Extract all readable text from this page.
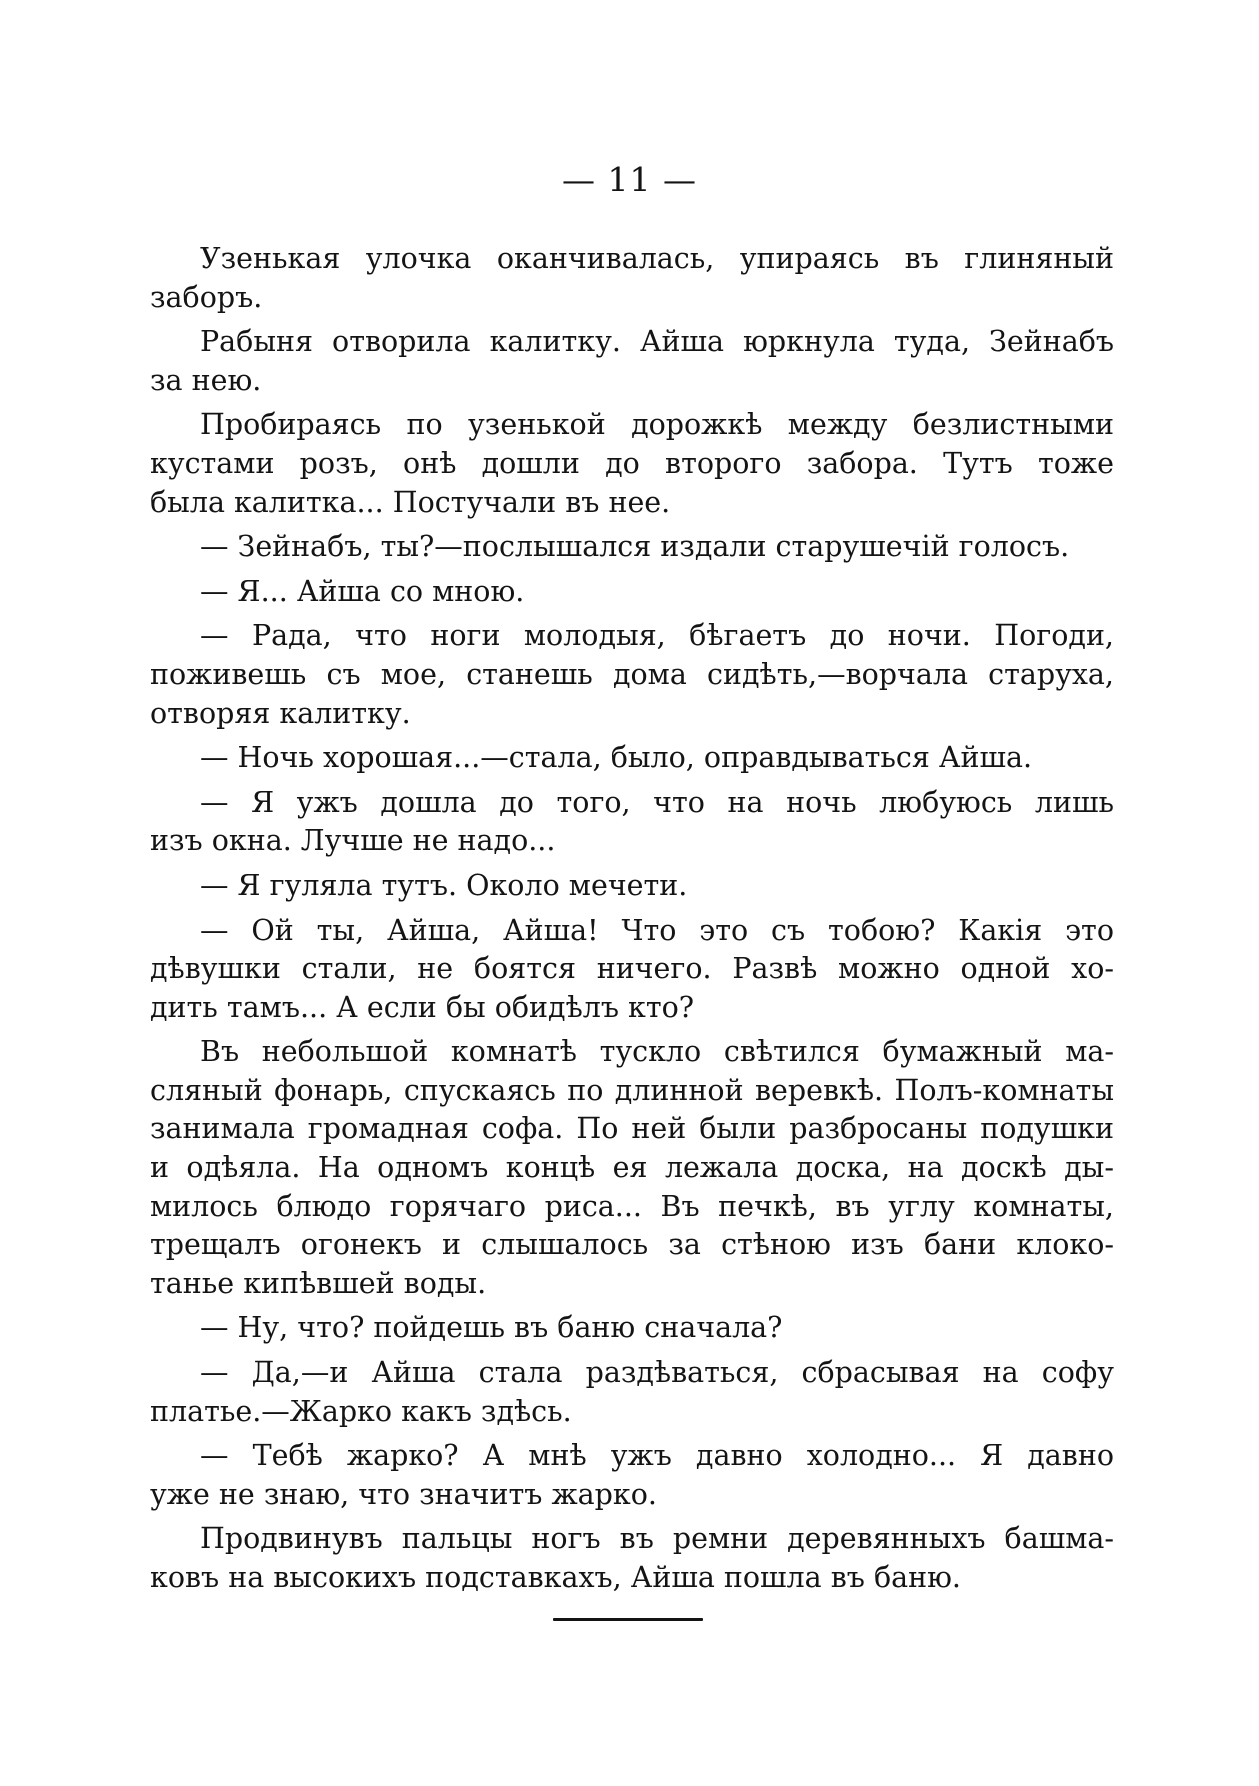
— 11 —
Узенькая улочка оканчивалась, упираясь въ глиняный
заборъ.
Рабыня отворила калитку. Айша юркнула туда, Зейнабъ
за нею.
Пробираясь по узенькой дорожкѣ между безлистными
кустами розъ, онѣ дошли до второго забора. Тутъ тоже
была калитка... Постучали въ нее.
— Зейнабъ, ты?—послышался издали старушечій голосъ.
— Я... Айша со мною.
— Рада, что ноги молодыя, бѣгаетъ до ночи. Погоди,
поживешь съ мое, станешь дома сидѣть,—ворчала старуха,
отворяя калитку.
— Ночь хорошая...—стала, было, оправдываться Айша.
— Я ужъ дошла до того, что на ночь любуюсь лишь
изъ окна. Лучше не надо...
— Я гуляла тутъ. Около мечети.
— Ой ты, Айша, Айша! Что это съ тобою? Какія это
дѣвушки стали, не боятся ничего. Развѣ можно одной хо-
дить тамъ... А если бы обидѣлъ кто?
Въ небольшой комнатѣ тускло свѣтился бумажный ма-
сляный фонарь, спускаясь по длинной веревкѣ. Полъ-комнаты
занимала громадная софа. По ней были разбросаны подушки
и одѣяла. На одномъ концѣ ея лежала доска, на доскѣ ды-
милось блюдо горячаго риса... Въ печкѣ, въ углу комнаты,
трещалъ огонекъ и слышалось за стѣною изъ бани клоко-
танье кипѣвшей воды.
— Ну, что? пойдешь въ баню сначала?
— Да,—и Айша стала раздѣваться, сбрасывая на софу
платье.—Жарко какъ здѣсь.
— Тебѣ жарко? А мнѣ ужъ давно холодно... Я давно
уже не знаю, что значитъ жарко.
Продвинувъ пальцы ногъ въ ремни деревянныхъ башма-
ковъ на высокихъ подставкахъ, Айша пошла въ баню.
